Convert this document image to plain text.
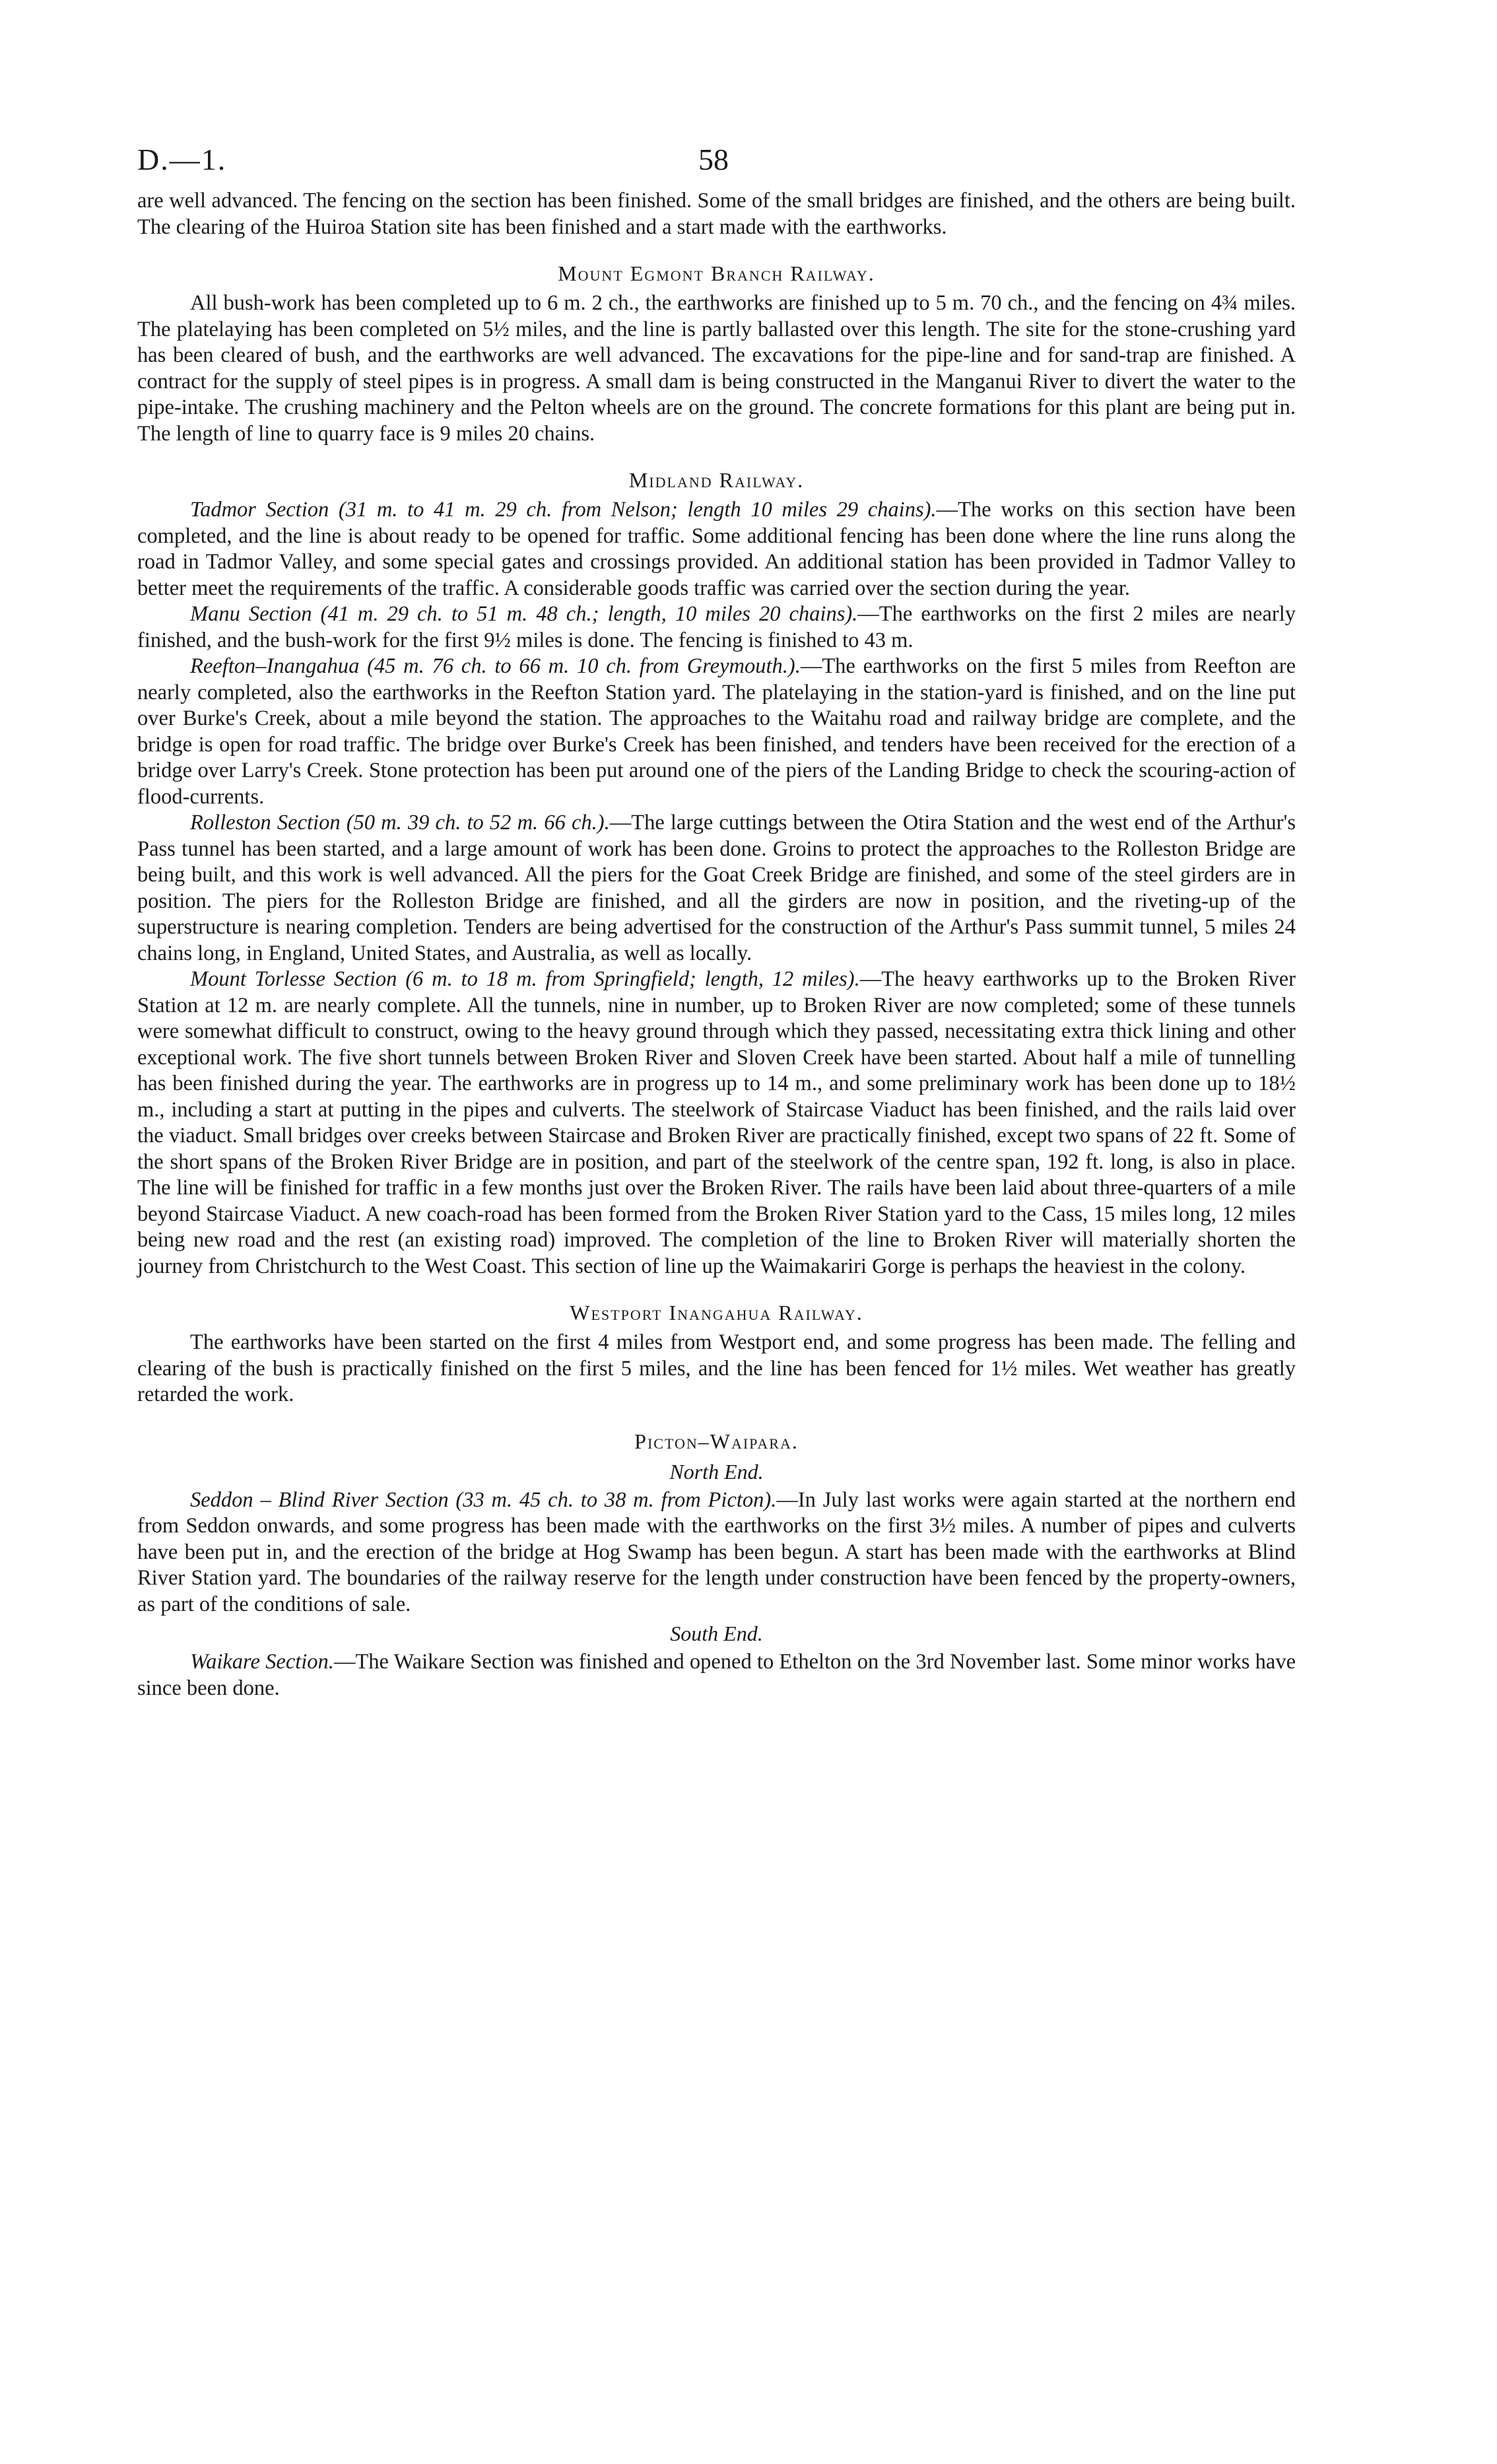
D.—1.	58

are well advanced. The fencing on the section has been finished. Some of the small bridges are finished, and the others are being built. The clearing of the Huiroa Station site has been finished and a start made with the earthworks.

Mount Egmont Branch Railway.

All bush-work has been completed up to 6 m. 2 ch., the earthworks are finished up to 5 m. 70 ch., and the fencing on 4¾ miles. The platelaying has been completed on 5½ miles, and the line is partly ballasted over this length. The site for the stone-crushing yard has been cleared of bush, and the earthworks are well advanced. The excavations for the pipe-line and for sand-trap are finished. A contract for the supply of steel pipes is in progress. A small dam is being constructed in the Manganui River to divert the water to the pipe-intake. The crushing machinery and the Pelton wheels are on the ground. The concrete formations for this plant are being put in. The length of line to quarry face is 9 miles 20 chains.

Midland Railway.

Tadmor Section (31 m. to 41 m. 29 ch. from Nelson; length 10 miles 29 chains).—The works on this section have been completed, and the line is about ready to be opened for traffic. Some additional fencing has been done where the line runs along the road in Tadmor Valley, and some special gates and crossings provided. An additional station has been provided in Tadmor Valley to better meet the requirements of the traffic. A considerable goods traffic was carried over the section during the year.

Manu Section (41 m. 29 ch. to 51 m. 48 ch.; length, 10 miles 20 chains).—The earthworks on the first 2 miles are nearly finished, and the bush-work for the first 9½ miles is done. The fencing is finished to 43 m.

Reefton–Inangahua (45 m. 76 ch. to 66 m. 10 ch. from Greymouth.).—The earthworks on the first 5 miles from Reefton are nearly completed, also the earthworks in the Reefton Station yard. The platelaying in the station-yard is finished, and on the line put over Burke's Creek, about a mile beyond the station. The approaches to the Waitahu road and railway bridge are complete, and the bridge is open for road traffic. The bridge over Burke's Creek has been finished, and tenders have been received for the erection of a bridge over Larry's Creek. Stone protection has been put around one of the piers of the Landing Bridge to check the scouring-action of flood-currents.

Rolleston Section (50 m. 39 ch. to 52 m. 66 ch.).—The large cuttings between the Otira Station and the west end of the Arthur's Pass tunnel has been started, and a large amount of work has been done. Groins to protect the approaches to the Rolleston Bridge are being built, and this work is well advanced. All the piers for the Goat Creek Bridge are finished, and some of the steel girders are in position. The piers for the Rolleston Bridge are finished, and all the girders are now in position, and the riveting-up of the superstructure is nearing completion. Tenders are being advertised for the construction of the Arthur's Pass summit tunnel, 5 miles 24 chains long, in England, United States, and Australia, as well as locally.

Mount Torlesse Section (6 m. to 18 m. from Springfield; length, 12 miles).—The heavy earthworks up to the Broken River Station at 12 m. are nearly complete. All the tunnels, nine in number, up to Broken River are now completed; some of these tunnels were somewhat difficult to construct, owing to the heavy ground through which they passed, necessitating extra thick lining and other exceptional work. The five short tunnels between Broken River and Sloven Creek have been started. About half a mile of tunnelling has been finished during the year. The earthworks are in progress up to 14 m., and some preliminary work has been done up to 18½ m., including a start at putting in the pipes and culverts. The steelwork of Staircase Viaduct has been finished, and the rails laid over the viaduct. Small bridges over creeks between Staircase and Broken River are practically finished, except two spans of 22 ft. Some of the short spans of the Broken River Bridge are in position, and part of the steelwork of the centre span, 192 ft. long, is also in place. The line will be finished for traffic in a few months just over the Broken River. The rails have been laid about three-quarters of a mile beyond Staircase Viaduct. A new coach-road has been formed from the Broken River Station yard to the Cass, 15 miles long, 12 miles being new road and the rest (an existing road) improved. The completion of the line to Broken River will materially shorten the journey from Christchurch to the West Coast. This section of line up the Waimakariri Gorge is perhaps the heaviest in the colony.

Westport Inangahua Railway.

The earthworks have been started on the first 4 miles from Westport end, and some progress has been made. The felling and clearing of the bush is practically finished on the first 5 miles, and the line has been fenced for 1½ miles. Wet weather has greatly retarded the work.

Picton–Waipara.
North End.

Seddon – Blind River Section (33 m. 45 ch. to 38 m. from Picton).—In July last works were again started at the northern end from Seddon onwards, and some progress has been made with the earthworks on the first 3½ miles. A number of pipes and culverts have been put in, and the erection of the bridge at Hog Swamp has been begun. A start has been made with the earthworks at Blind River Station yard. The boundaries of the railway reserve for the length under construction have been fenced by the property-owners, as part of the conditions of sale.

South End.

Waikare Section.—The Waikare Section was finished and opened to Ethelton on the 3rd November last. Some minor works have since been done.
